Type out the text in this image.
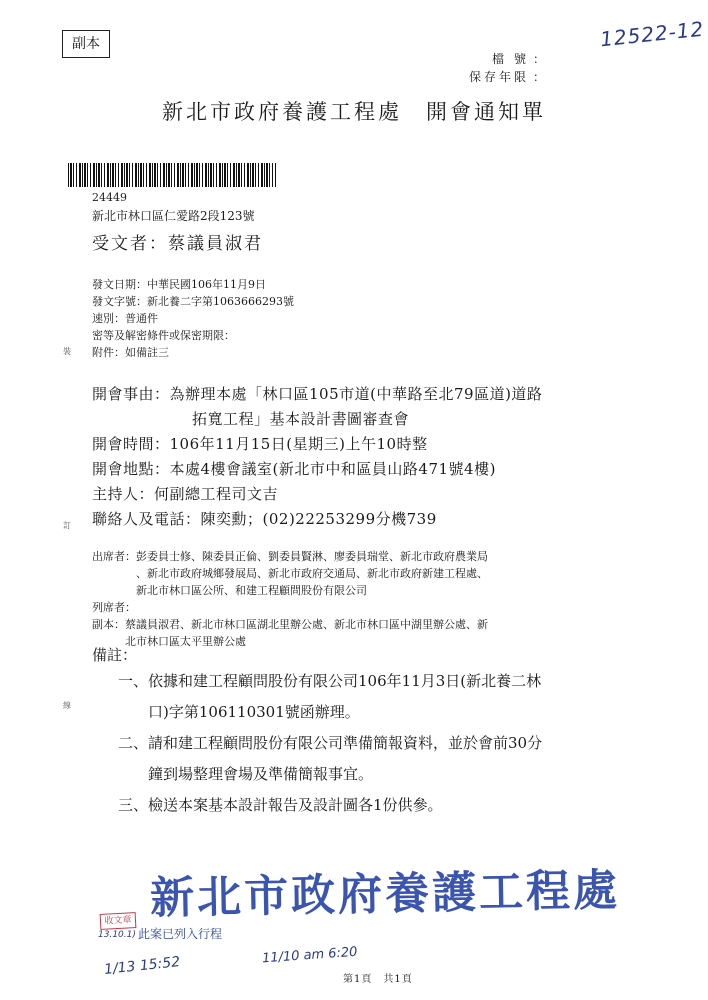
副本	12522-12
檔 號 ：
保存年限 ：
新北市政府養護工程處　開會通知單
24449
新北市林口區仁愛路2段123號
受文者：蔡議員淑君
發文日期：中華民國106年11月9日
發文字號：新北養二字第1063666293號
速別：普通件
密等及解密條件或保密期限：
附件：如備註三
開會事由：為辦理本處「林口區105市道(中華路至北79區道)道路
拓寬工程」基本設計書圖審查會
開會時間：106年11月15日(星期三)上午10時整
開會地點：本處4樓會議室(新北市中和區員山路471號4樓)
主持人：何副總工程司文吉
聯絡人及電話：陳奕勳；(02)22253299分機739
出席者：彭委員士修、陳委員正倫、劉委員賢淋、廖委員瑞堂、新北市政府農業局
、新北市政府城鄉發展局、新北市政府交通局、新北市政府新建工程處、
新北市林口區公所、和建工程顧問股份有限公司
列席者：
副本：蔡議員淑君、新北市林口區湖北里辦公處、新北市林口區中湖里辦公處、新
北市林口區太平里辦公處
備註：
一、依據和建工程顧問股份有限公司106年11月3日(新北養二林
口)字第106110301號函辦理。
二、請和建工程顧問股份有限公司準備簡報資料，並於會前30分
鐘到場整理會場及準備簡報事宜。
三、檢送本案基本設計報告及設計圖各1份供參。
裝
訂
線
新北市政府養護工程處
收文章
13.10.1) 此案已列入行程
1/13 15:52	11/10 am 6:20
第1頁　共1頁
